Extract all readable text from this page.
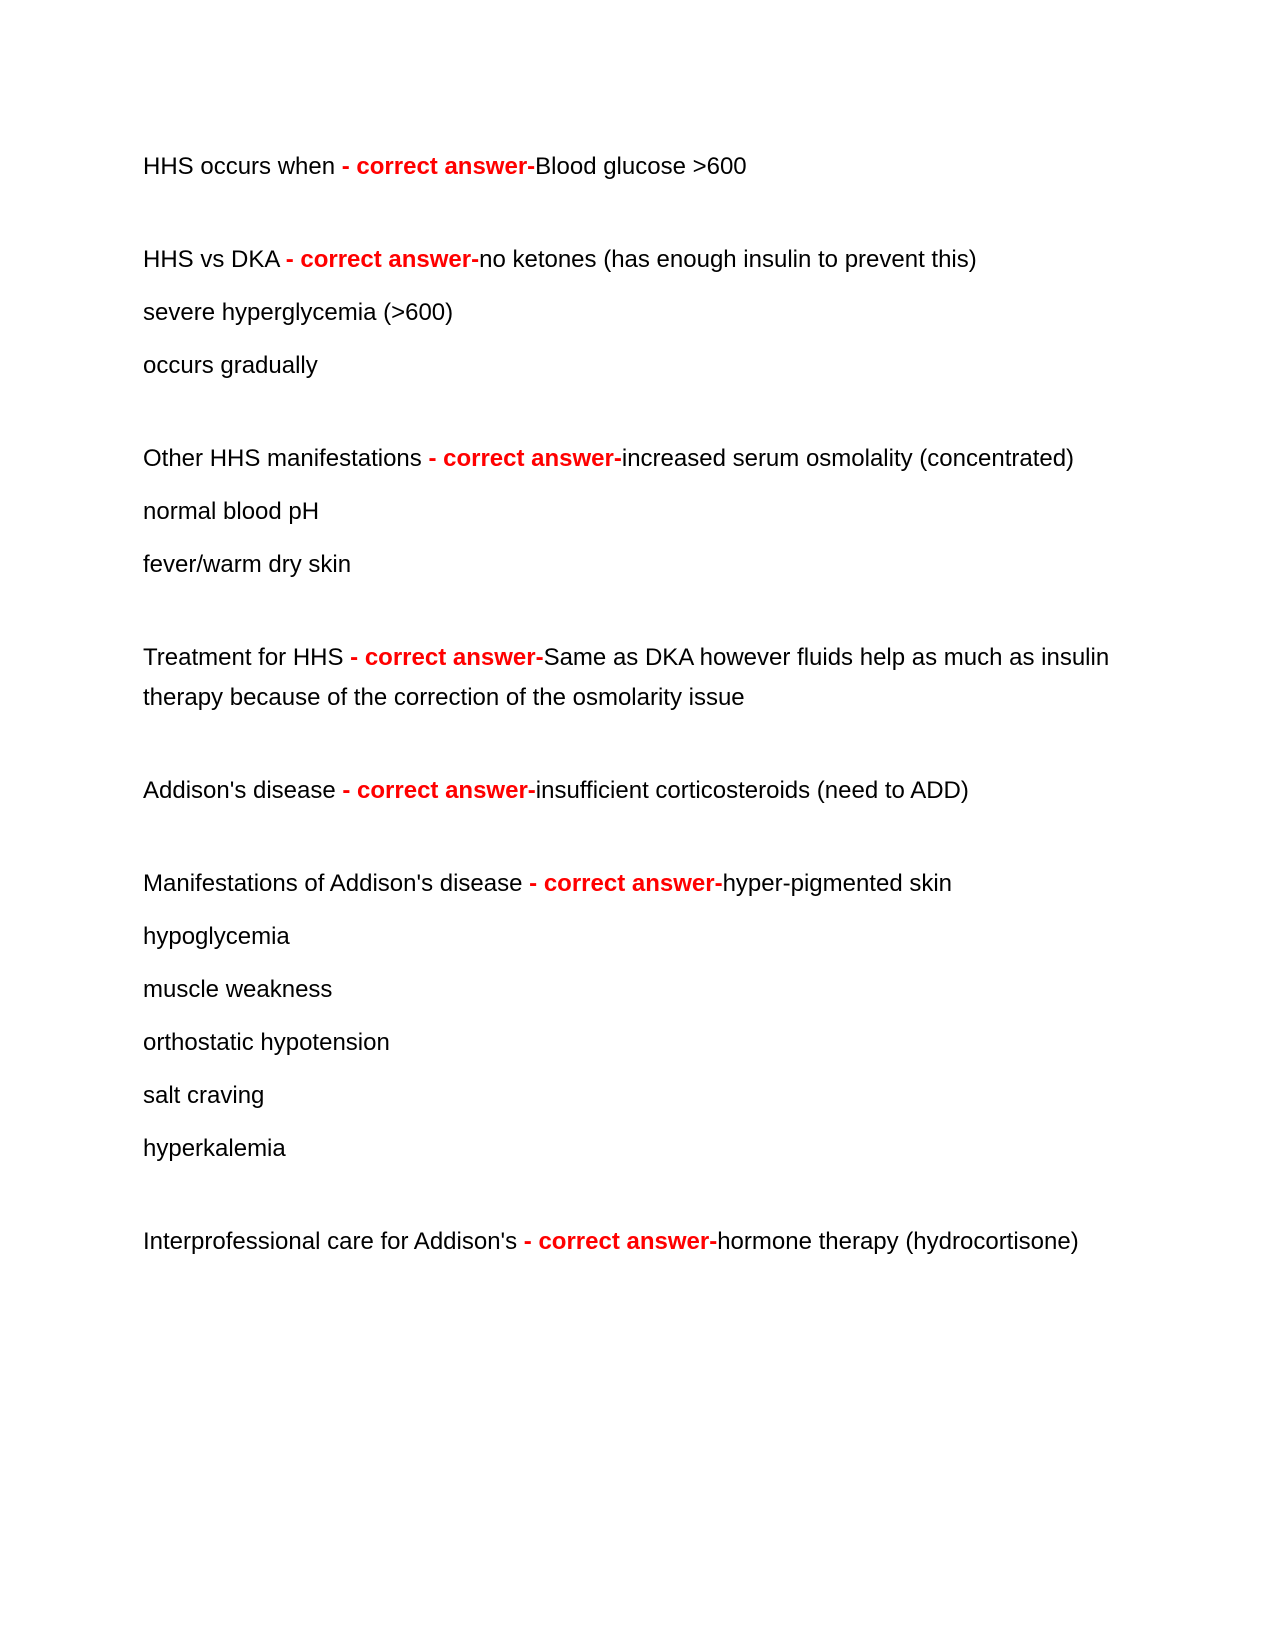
HHS occurs when - correct answer-Blood glucose >600

HHS vs DKA - correct answer-no ketones (has enough insulin to prevent this)

severe hyperglycemia (>600)

occurs gradually

Other HHS manifestations - correct answer-increased serum osmolality (concentrated)

normal blood pH

fever/warm dry skin

Treatment for HHS - correct answer-Same as DKA however fluids help as much as insulin therapy because of the correction of the osmolarity issue

Addison's disease - correct answer-insufficient corticosteroids (need to ADD)

Manifestations of Addison's disease - correct answer-hyper-pigmented skin

hypoglycemia

muscle weakness

orthostatic hypotension

salt craving

hyperkalemia

Interprofessional care for Addison's - correct answer-hormone therapy (hydrocortisone)
